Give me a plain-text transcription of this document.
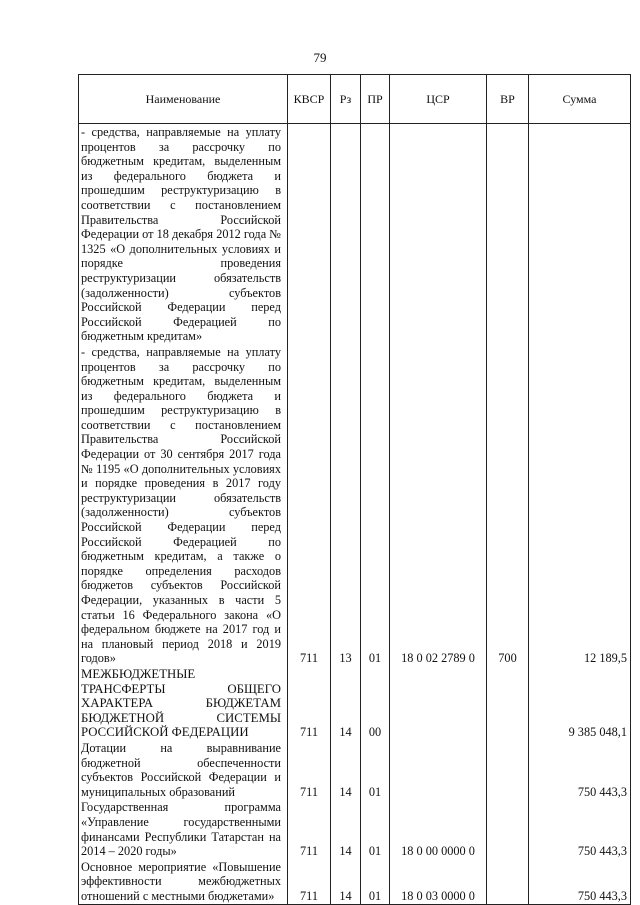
79
Наименование	КВСР	Рз	ПР	ЦСР	ВР	Сумма

- средства, направляемые на уплату процентов за рассрочку по бюджетным кредитам, выделенным из федерального бюджета и прошедшим реструктуризацию в соответствии с постановлением Правительства Российской Федерации от 18 декабря 2012 года № 1325 «О дополнительных условиях и порядке проведения реструктуризации обязательств (задолженности) субъектов Российской Федерации перед Российской Федерацией по бюджетным кредитам»						

- средства, направляемые на уплату процентов за рассрочку по бюджетным кредитам, выделенным из федерального бюджета и прошедшим реструктуризацию в соответствии с постановлением Правительства Российской Федерации от 30 сентября 2017 года № 1195 «О дополнительных условиях и порядке проведения в 2017 году реструктуризации обязательств (задолженности) субъектов Российской Федерации перед Российской Федерацией по бюджетным кредитам, а также о порядке определения расходов бюджетов субъектов Российской Федерации, указанных в части 5 статьи 16 Федерального закона «О федеральном бюджете на 2017 год и на плановый период 2018 и 2019 годов»	711	13	01	18 0 02 2789 0	700	12 189,5

МЕЖБЮДЖЕТНЫЕ ТРАНСФЕРТЫ ОБЩЕГО ХАРАКТЕРА БЮДЖЕТАМ БЮДЖЕТНОЙ СИСТЕМЫ РОССИЙСКОЙ ФЕДЕРАЦИИ	711	14	00			9 385 048,1

Дотации на выравнивание бюджетной обеспеченности субъектов Российской Федерации и муниципальных образований	711	14	01			750 443,3

Государственная программа «Управление государственными финансами Республики Татарстан на 2014 – 2020 годы»	711	14	01	18 0 00 0000 0		750 443,3

Основное мероприятие «Повышение эффективности межбюджетных отношений с местными бюджетами»	711	14	01	18 0 03 0000 0		750 443,3
